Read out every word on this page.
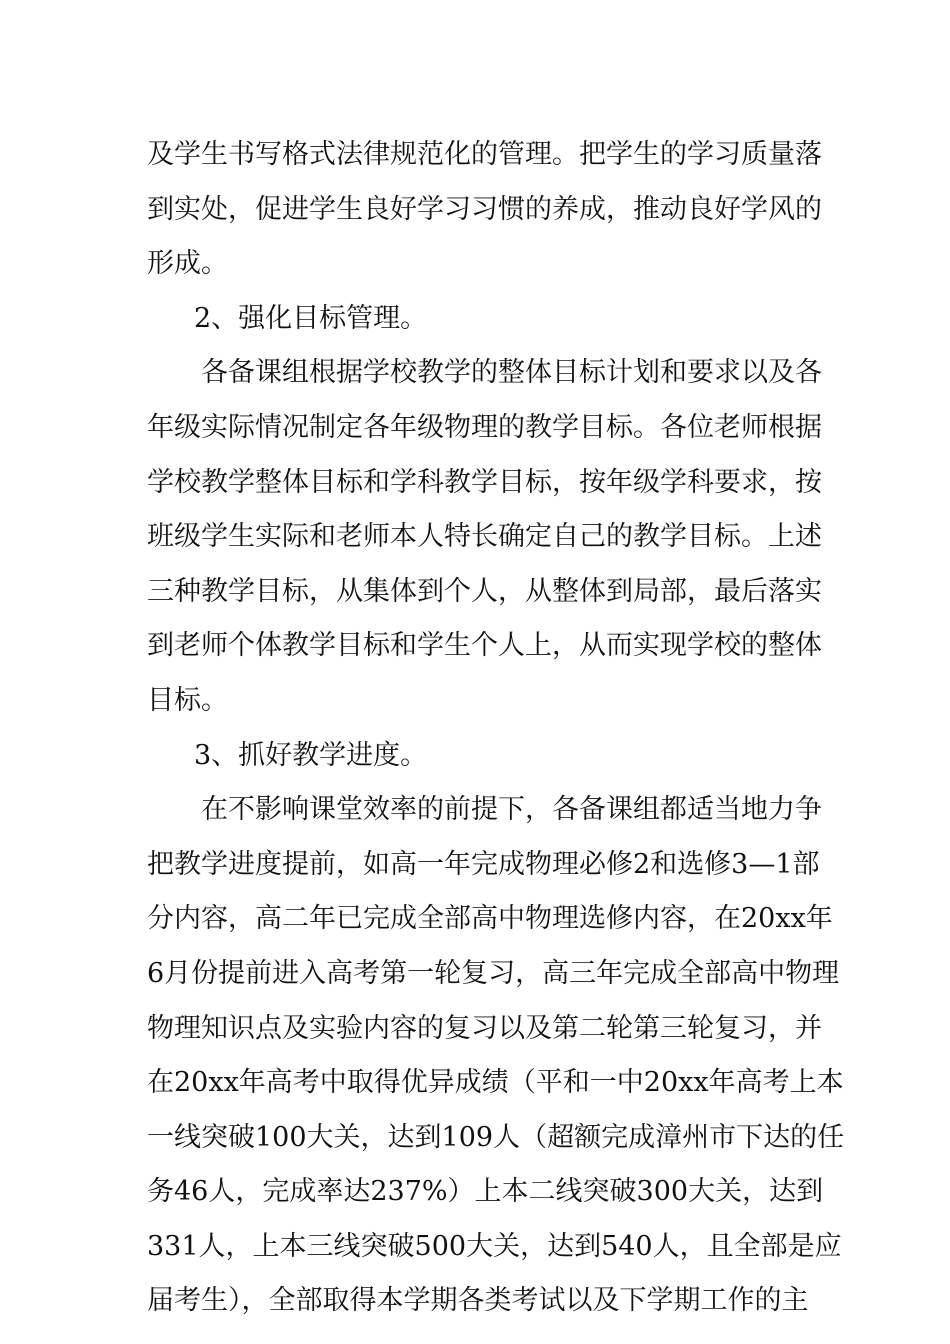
及学生书写格式法律规范化的管理。把学生的学习质量落
到实处，促进学生良好学习习惯的养成，推动良好学风的
形成。
2、强化目标管理。
各备课组根据学校教学的整体目标计划和要求以及各
年级实际情况制定各年级物理的教学目标。各位老师根据
学校教学整体目标和学科教学目标，按年级学科要求，按
班级学生实际和老师本人特长确定自己的教学目标。上述
三种教学目标，从集体到个人，从整体到局部，最后落实
到老师个体教学目标和学生个人上，从而实现学校的整体
目标。
3、抓好教学进度。
在不影响课堂效率的前提下，各备课组都适当地力争
把教学进度提前，如高一年完成物理必修2和选修3—1部
分内容，高二年已完成全部高中物理选修内容，在20xx年
6月份提前进入高考第一轮复习，高三年完成全部高中物理
物理知识点及实验内容的复习以及第二轮第三轮复习，并
在20xx年高考中取得优异成绩（平和一中20xx年高考上本
一线突破100大关，达到109人（超额完成漳州市下达的任
务46人，完成率达237%）上本二线突破300大关，达到
331人，上本三线突破500大关，达到540人，且全部是应
届考生），全部取得本学期各类考试以及下学期工作的主
